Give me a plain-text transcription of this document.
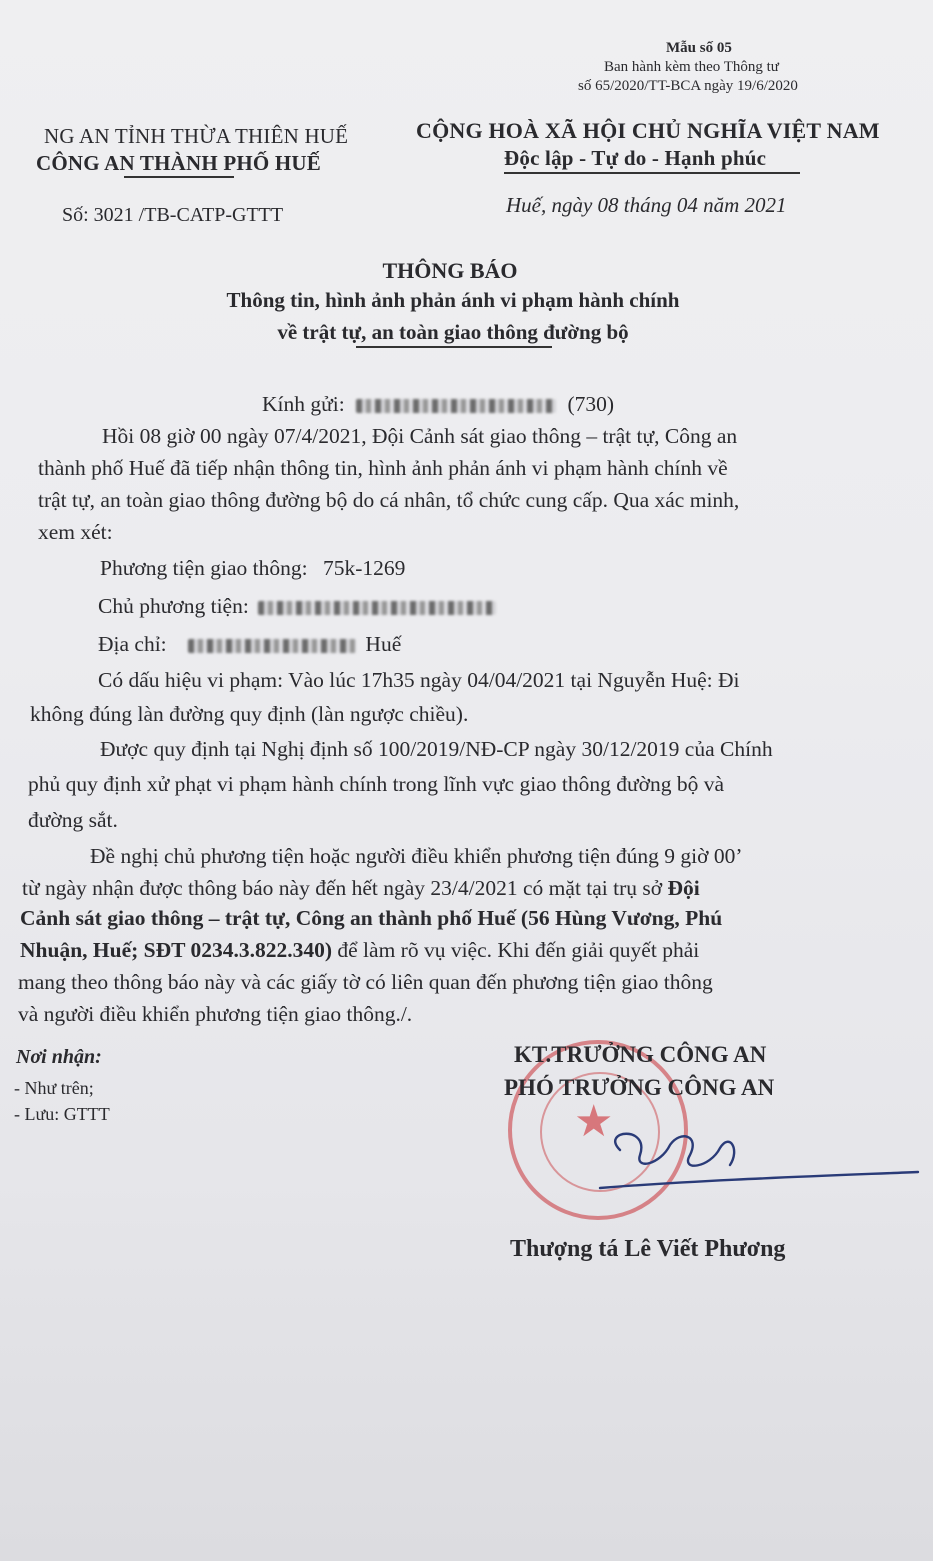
Mẫu số 05
Ban hành kèm theo Thông tư
số 65/2020/TT-BCA ngày 19/6/2020
NG AN TỈNH THỪA THIÊN HUẾ
CÔNG AN THÀNH PHỐ HUẾ
Số: 3021 /TB-CATP-GTTT
CỘNG HOÀ XÃ HỘI CHỦ NGHĨA VIỆT NAM
Độc lập - Tự do - Hạnh phúc
Huế, ngày 08 tháng 04 năm 2021
THÔNG BÁO
Thông tin, hình ảnh phản ánh vi phạm hành chính
về trật tự, an toàn giao thông đường bộ
Kính gửi:	(730)
Hồi 08 giờ 00 ngày 07/4/2021, Đội Cảnh sát giao thông – trật tự, Công an
thành phố Huế đã tiếp nhận thông tin, hình ảnh phản ánh vi phạm hành chính về
trật tự, an toàn giao thông đường bộ do cá nhân, tổ chức cung cấp. Qua xác minh,
xem xét:
Phương tiện giao thông: 75k-1269
Chủ phương tiện:
Địa chỉ:	Huế
Có dấu hiệu vi phạm: Vào lúc 17h35 ngày 04/04/2021 tại Nguyễn Huệ: Đi
không đúng làn đường quy định (làn ngược chiều).
Được quy định tại Nghị định số 100/2019/NĐ-CP ngày 30/12/2019 của Chính
phủ quy định xử phạt vi phạm hành chính trong lĩnh vực giao thông đường bộ và
đường sắt.
Đề nghị chủ phương tiện hoặc người điều khiển phương tiện đúng 9 giờ 00’
từ ngày nhận được thông báo này đến hết ngày 23/4/2021 có mặt tại trụ sở Đội
Cảnh sát giao thông – trật tự, Công an thành phố Huế (56 Hùng Vương, Phú
Nhuận, Huế; SĐT 0234.3.822.340) để làm rõ vụ việc. Khi đến giải quyết phải
mang theo thông báo này và các giấy tờ có liên quan đến phương tiện giao thông
và người điều khiển phương tiện giao thông./.
Nơi nhận:
- Như trên;
- Lưu: GTTT	★
KT.TRƯỞNG CÔNG AN
PHÓ TRƯỞNG CÔNG AN
Thượng tá Lê Viết Phương
